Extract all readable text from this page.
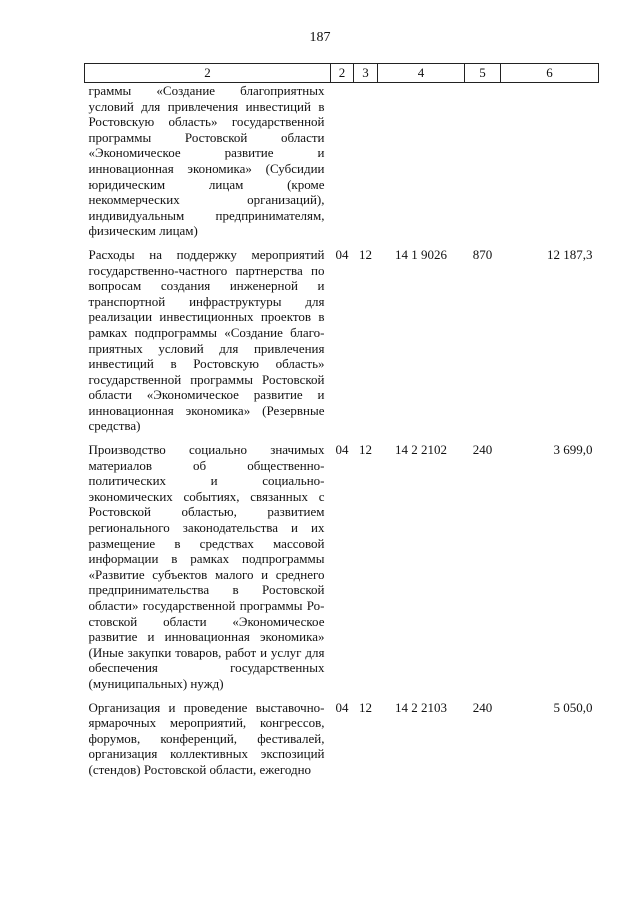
187
2	2	3	4	5	6
граммы «Создание благоприятных условий для привлечения инвестиций в Ростовскую область» государственной программы Ростовской области «Экономическое развитие и инновационная экономика» (Субсидии юридическим лицам (кроме некоммерческих организаций), индивидуальным предпринимателям, физическим лицам)					

Расходы на поддержку мероприятий государственно-частного партнерства по вопросам создания инженерной и транспортной инфраструктуры для реализации инвестиционных проектов в рамках подпрограммы «Создание благоприятных условий для привлечения инвестиций в Ростовскую область» государственной программы Ростовской области «Экономическое развитие и инновационная экономика» (Резервные средства)	04	12	14 1 9026	870	12 187,3

Производство социально значимых материалов об общественно-политических и социально-экономических событиях, связанных с Ростовской областью, развитием регионального законодательства и их размещение в средствах массовой информации в рамках подпрограммы «Развитие субъектов малого и среднего предпринимательства в Ростовской области» государственной программы Ростовской области «Экономическое развитие и инновационная экономика» (Иные закупки товаров, работ и услуг для обеспечения государственных (муниципальных) нужд)	04	12	14 2 2102	240	3 699,0

Организация и проведение выставочно-ярмарочных мероприятий, конгрессов, форумов, конференций, фестивалей, организация коллективных экспозиций (стендов) Ростовской области, ежегодно	04	12	14 2 2103	240	5 050,0
